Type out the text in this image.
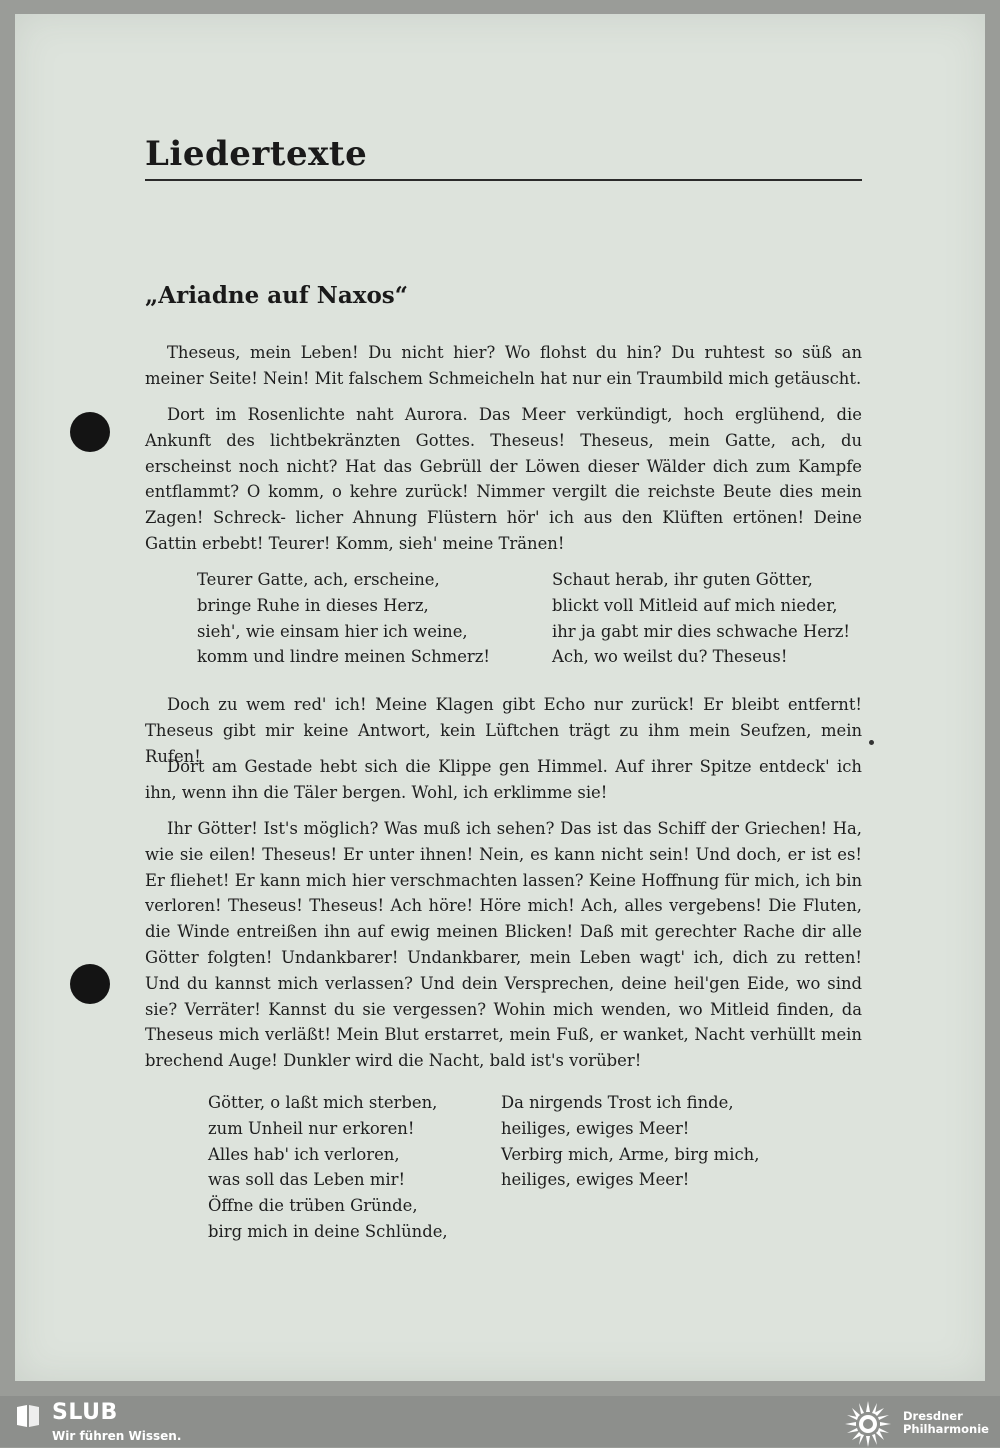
Liedertexte
„Ariadne auf Naxos“

Theseus, mein Leben! Du nicht hier? Wo flohst du hin? Du ruhtest so süß an meiner Seite! Nein! Mit falschem Schmeicheln hat nur ein Traumbild mich getäuscht.

Dort im Rosenlichte naht Aurora. Das Meer verkündigt, hoch erglühend, die Ankunft des lichtbekränzten Gottes. Theseus! Theseus, mein Gatte, ach, du erscheinst noch nicht? Hat das Gebrüll der Löwen dieser Wälder dich zum Kampfe entflammt? O komm, o kehre zurück! Nimmer vergilt die reichste Beute dies mein Zagen! Schreck- licher Ahnung Flüstern hör' ich aus den Klüften ertönen! Deine Gattin erbebt! Teurer! Komm, sieh' meine Tränen!

Teurer Gatte, ach, erscheine,
bringe Ruhe in dieses Herz,
sieh', wie einsam hier ich weine,
komm und lindre meinen Schmerz!
Schaut herab, ihr guten Götter,
blickt voll Mitleid auf mich nieder,
ihr ja gabt mir dies schwache Herz!
Ach, wo weilst du? Theseus!

Doch zu wem red' ich! Meine Klagen gibt Echo nur zurück! Er bleibt entfernt! Theseus gibt mir keine Antwort, kein Lüftchen trägt zu ihm mein Seufzen, mein Rufen!

Dort am Gestade hebt sich die Klippe gen Himmel. Auf ihrer Spitze entdeck' ich ihn, wenn ihn die Täler bergen. Wohl, ich erklimme sie!

Ihr Götter! Ist's möglich? Was muß ich sehen? Das ist das Schiff der Griechen! Ha, wie sie eilen! Theseus! Er unter ihnen! Nein, es kann nicht sein! Und doch, er ist es! Er fliehet! Er kann mich hier verschmachten lassen? Keine Hoffnung für mich, ich bin verloren! Theseus! Theseus! Ach höre! Höre mich! Ach, alles vergebens! Die Fluten, die Winde entreißen ihn auf ewig meinen Blicken! Daß mit gerechter Rache dir alle Götter folgten! Undankbarer! Undankbarer, mein Leben wagt' ich, dich zu retten! Und du kannst mich verlassen? Und dein Versprechen, deine heil'gen Eide, wo sind sie? Verräter! Kannst du sie vergessen? Wohin mich wenden, wo Mitleid finden, da Theseus mich verläßt! Mein Blut erstarret, mein Fuß, er wanket, Nacht verhüllt mein brechend Auge! Dunkler wird die Nacht, bald ist's vorüber!

Götter, o laßt mich sterben,
zum Unheil nur erkoren!
Alles hab' ich verloren,
was soll das Leben mir!
Öffne die trüben Gründe,
birg mich in deine Schlünde,
Da nirgends Trost ich finde,
heiliges, ewiges Meer!
Verbirg mich, Arme, birg mich,
heiliges, ewiges Meer!
SLUB
Wir führen Wissen.
Dresdner
Philharmonie
